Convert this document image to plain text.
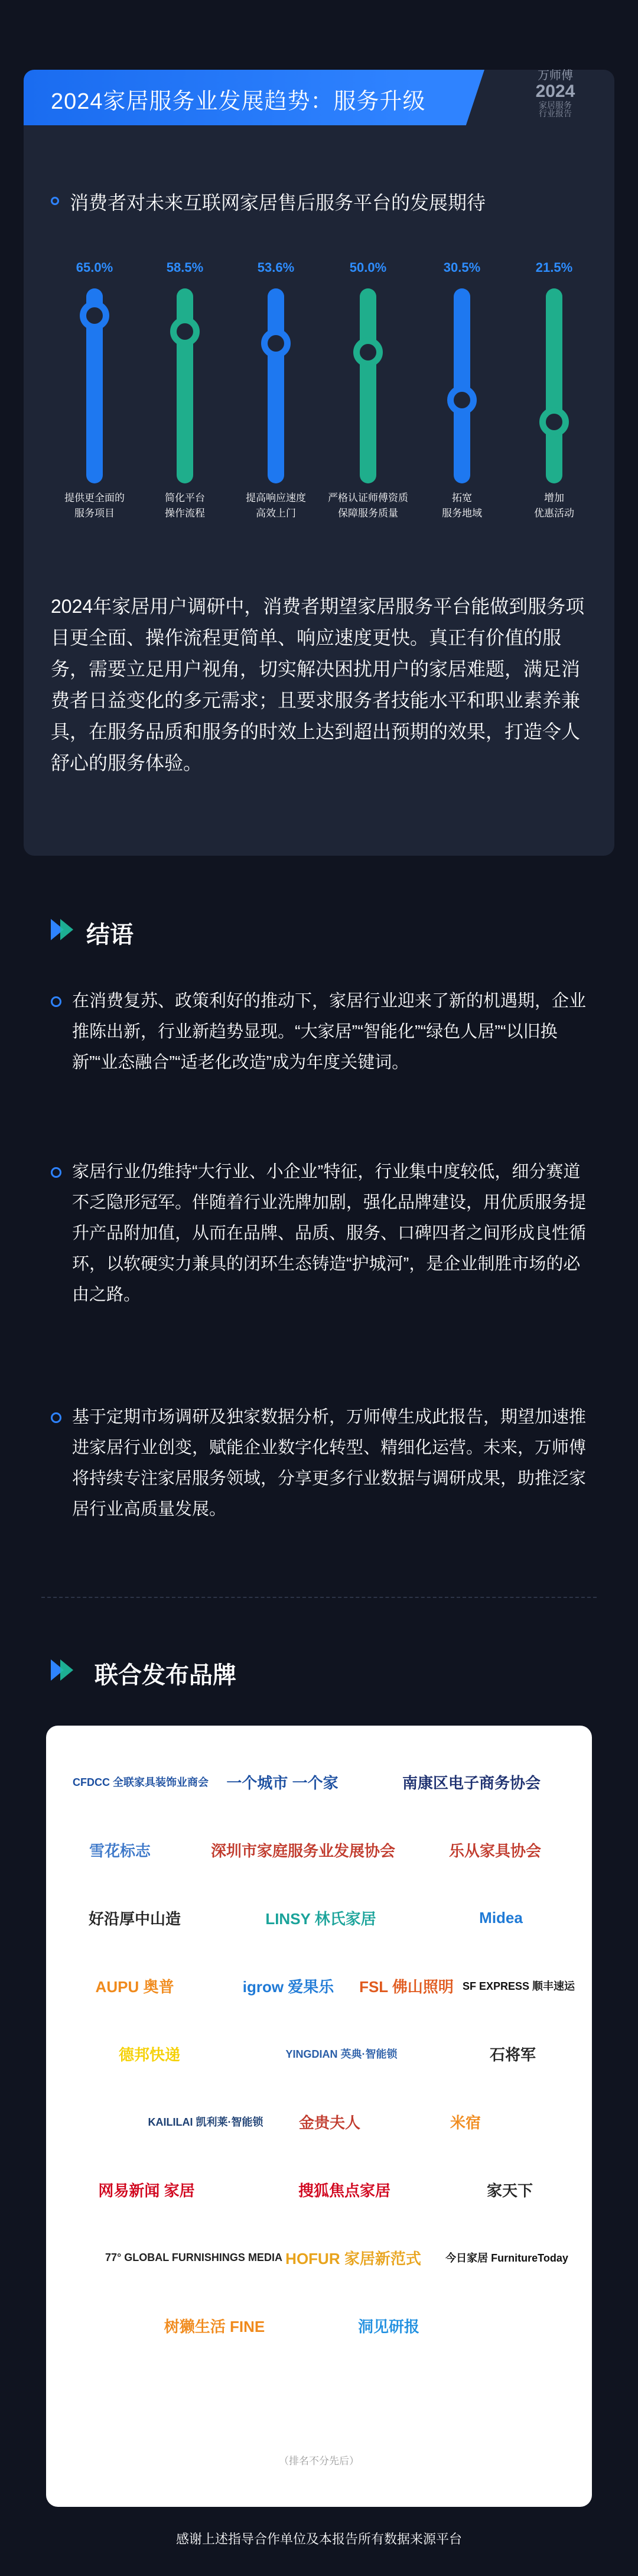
2024家居服务业发展趋势：服务升级
万师傅
2024
家居服务
行业报告
消费者对未来互联网家居售后服务平台的发展期待
65.0%
提供更全面的
服务项目
58.5%
简化平台
操作流程
53.6%
提高响应速度
高效上门
50.0%
严格认证师傅资质
保障服务质量
30.5%
拓宽
服务地域
21.5%
增加
优惠活动
2024年家居用户调研中，消费者期望家居服务平台能做到服务项目更全面、操作流程更简单、响应速度更快。真正有价值的服务，需要立足用户视角，切实解决困扰用户的家居难题，满足消费者日益变化的多元需求；且要求服务者技能水平和职业素养兼具，在服务品质和服务的时效上达到超出预期的效果，打造令人舒心的服务体验。
结语
在消费复苏、政策利好的推动下，家居行业迎来了新的机遇期，企业推陈出新，行业新趋势显现。“大家居”“智能化”“绿色人居”“以旧换新”“业态融合”“适老化改造”成为年度关键词。
家居行业仍维持“大行业、小企业”特征，行业集中度较低，细分赛道不乏隐形冠军。伴随着行业洗牌加剧，强化品牌建设，用优质服务提升产品附加值，从而在品牌、品质、服务、口碑四者之间形成良性循环，以软硬实力兼具的闭环生态铸造“护城河”，是企业制胜市场的必由之路。
基于定期市场调研及独家数据分析，万师傅生成此报告，期望加速推进家居行业创变，赋能企业数字化转型、精细化运营。未来，万师傅将持续专注家居服务领域，分享更多行业数据与调研成果，助推泛家居行业高质量发展。
联合发布品牌
CFDCC 全联家具装饰业商会 一个城市 一个家	南康区电子商务协会
雪花标志	深圳市家庭服务业发展协会	乐从家具协会
好沿厚中山造	LINSY 林氏家居	Midea
AUPU 奥普	igrow 爱果乐	FSL 佛山照明 SF EXPRESS 顺丰速运
德邦快递	YINGDIAN 英典·智能锁	石将军
KAILILAI 凯利莱·智能锁	金贵夫人	米宿
网易新闻 家居	搜狐焦点家居	家天下
77° GLOBAL FURNISHINGS MEDIA HOFUR 家居新范式 今日家居 FurnitureToday
树獭生活 FINE	洞见研报
（排名不分先后）
感谢上述指导合作单位及本报告所有数据来源平台
